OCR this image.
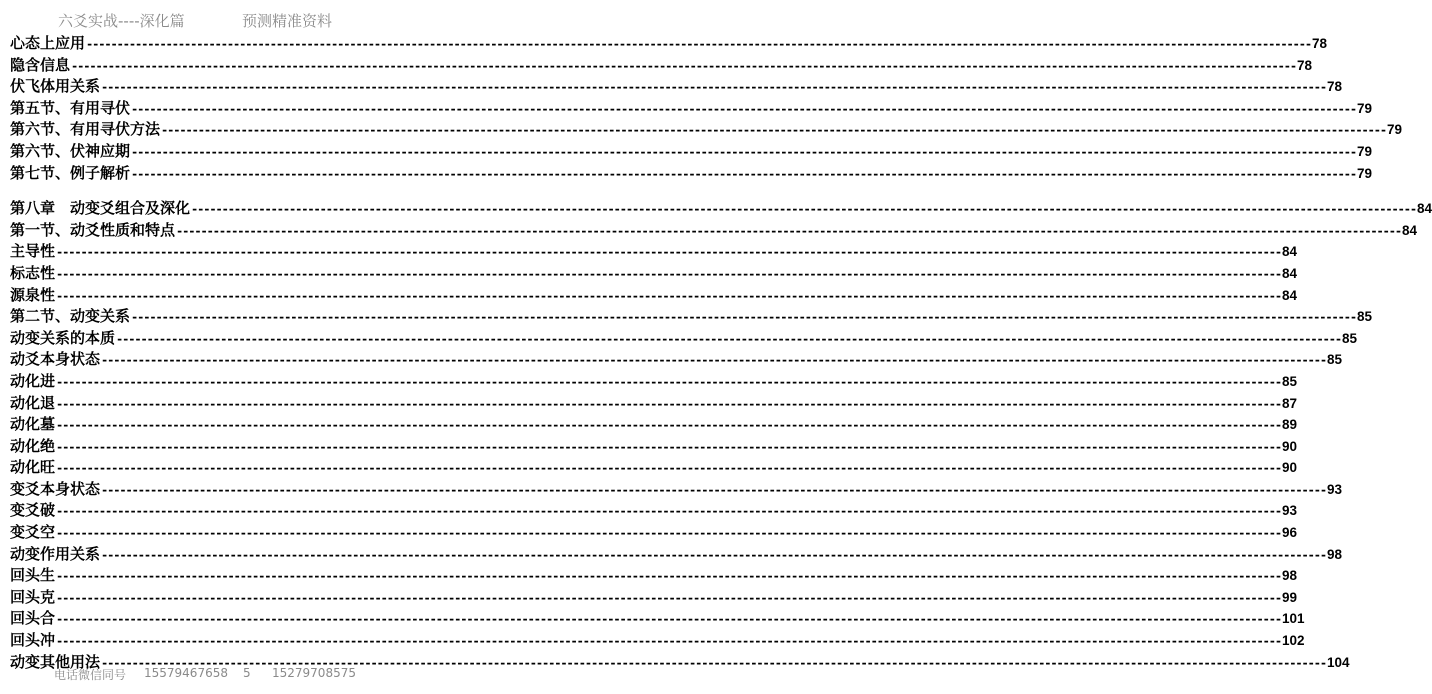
六爻实战----深化篇	预测精准资料
心态上应用 -------------------------------------------------------------------------------------------------------------------------------------------------------------------------------------------------------- 78
隐含信息 -------------------------------------------------------------------------------------------------------------------------------------------------------------------------------------------------------- 78
伏飞体用关系 -------------------------------------------------------------------------------------------------------------------------------------------------------------------------------------------------------- 78
第五节、有用寻伏 -------------------------------------------------------------------------------------------------------------------------------------------------------------------------------------------------------- 79
第六节、有用寻伏方法 -------------------------------------------------------------------------------------------------------------------------------------------------------------------------------------------------------- 79
第六节、伏神应期 -------------------------------------------------------------------------------------------------------------------------------------------------------------------------------------------------------- 79
第七节、例子解析 -------------------------------------------------------------------------------------------------------------------------------------------------------------------------------------------------------- 79
第八章　动变爻组合及深化 -------------------------------------------------------------------------------------------------------------------------------------------------------------------------------------------------------- 84
第一节、动爻性质和特点 -------------------------------------------------------------------------------------------------------------------------------------------------------------------------------------------------------- 84
主导性 -------------------------------------------------------------------------------------------------------------------------------------------------------------------------------------------------------- 84
标志性 -------------------------------------------------------------------------------------------------------------------------------------------------------------------------------------------------------- 84
源泉性 -------------------------------------------------------------------------------------------------------------------------------------------------------------------------------------------------------- 84
第二节、动变关系 -------------------------------------------------------------------------------------------------------------------------------------------------------------------------------------------------------- 85
动变关系的本质 -------------------------------------------------------------------------------------------------------------------------------------------------------------------------------------------------------- 85
动爻本身状态 -------------------------------------------------------------------------------------------------------------------------------------------------------------------------------------------------------- 85
动化进 -------------------------------------------------------------------------------------------------------------------------------------------------------------------------------------------------------- 85
动化退 -------------------------------------------------------------------------------------------------------------------------------------------------------------------------------------------------------- 87
动化墓 -------------------------------------------------------------------------------------------------------------------------------------------------------------------------------------------------------- 89
动化绝 -------------------------------------------------------------------------------------------------------------------------------------------------------------------------------------------------------- 90
动化旺 -------------------------------------------------------------------------------------------------------------------------------------------------------------------------------------------------------- 90
变爻本身状态 -------------------------------------------------------------------------------------------------------------------------------------------------------------------------------------------------------- 93
变爻破 -------------------------------------------------------------------------------------------------------------------------------------------------------------------------------------------------------- 93
变爻空 -------------------------------------------------------------------------------------------------------------------------------------------------------------------------------------------------------- 96
动变作用关系 -------------------------------------------------------------------------------------------------------------------------------------------------------------------------------------------------------- 98
回头生 -------------------------------------------------------------------------------------------------------------------------------------------------------------------------------------------------------- 98
回头克 -------------------------------------------------------------------------------------------------------------------------------------------------------------------------------------------------------- 99
回头合 -------------------------------------------------------------------------------------------------------------------------------------------------------------------------------------------------------- 101
回头冲 -------------------------------------------------------------------------------------------------------------------------------------------------------------------------------------------------------- 102
动变其他用法 -------------------------------------------------------------------------------------------------------------------------------------------------------------------------------------------------------- 104
电话微信同号 15579467658 5 15279708575
